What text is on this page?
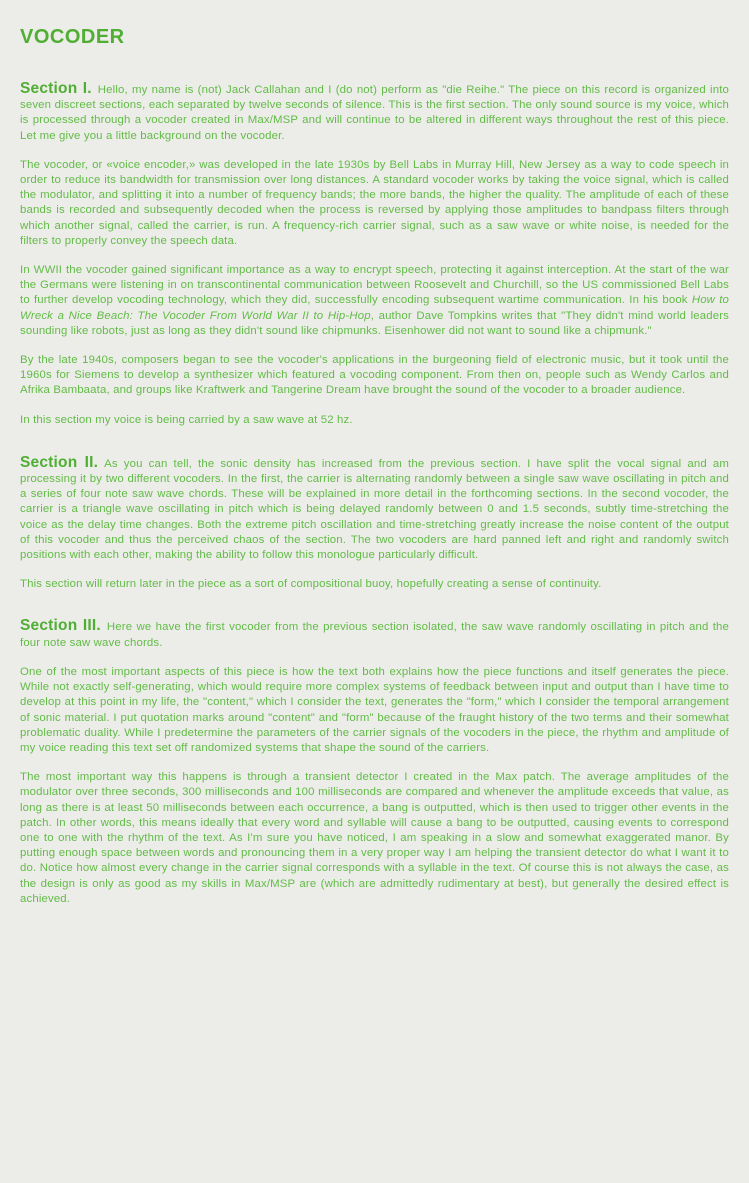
VOCODER

Section I. Hello, my name is (not) Jack Callahan and I (do not) perform as "die Reihe." The piece on this record is organized into seven discreet sections, each separated by twelve seconds of silence. This is the first section. The only sound source is my voice, which is processed through a vocoder created in Max/MSP and will continue to be altered in different ways throughout the rest of this piece. Let me give you a little background on the vocoder.

The vocoder, or «voice encoder,» was developed in the late 1930s by Bell Labs in Murray Hill, New Jersey as a way to code speech in order to reduce its bandwidth for transmission over long distances. A standard vocoder works by taking the voice signal, which is called the modulator, and splitting it into a number of frequency bands; the more bands, the higher the quality. The amplitude of each of these bands is recorded and subsequently decoded when the process is reversed by applying those amplitudes to bandpass filters through which another signal, called the carrier, is run. A frequency-rich carrier signal, such as a saw wave or white noise, is needed for the filters to properly convey the speech data.

In WWII the vocoder gained significant importance as a way to encrypt speech, protecting it against interception. At the start of the war the Germans were listening in on transcontinental communication between Roosevelt and Churchill, so the US commissioned Bell Labs to further develop vocoding technology, which they did, successfully encoding subsequent wartime communication. In his book How to Wreck a Nice Beach: The Vocoder From World War II to Hip-Hop, author Dave Tompkins writes that "They didn't mind world leaders sounding like robots, just as long as they didn't sound like chipmunks. Eisenhower did not want to sound like a chipmunk."

By the late 1940s, composers began to see the vocoder's applications in the burgeoning field of electronic music, but it took until the 1960s for Siemens to develop a synthesizer which featured a vocoding component. From then on, people such as Wendy Carlos and Afrika Bambaata, and groups like Kraftwerk and Tangerine Dream have brought the sound of the vocoder to a broader audience.

In this section my voice is being carried by a saw wave at 52 hz.

Section II. As you can tell, the sonic density has increased from the previous section. I have split the vocal signal and am processing it by two different vocoders. In the first, the carrier is alternating randomly between a single saw wave oscillating in pitch and a series of four note saw wave chords. These will be explained in more detail in the forthcoming sections. In the second vocoder, the carrier is a triangle wave oscillating in pitch which is being delayed randomly between 0 and 1.5 seconds, subtly time-stretching the voice as the delay time changes. Both the extreme pitch oscillation and time-stretching greatly increase the noise content of the output of this vocoder and thus the perceived chaos of the section. The two vocoders are hard panned left and right and randomly switch positions with each other, making the ability to follow this monologue particularly difficult.

This section will return later in the piece as a sort of compositional buoy, hopefully creating a sense of continuity.

Section III. Here we have the first vocoder from the previous section isolated, the saw wave randomly oscillating in pitch and the four note saw wave chords.

One of the most important aspects of this piece is how the text both explains how the piece functions and itself generates the piece. While not exactly self-generating, which would require more complex systems of feedback between input and output than I have time to develop at this point in my life, the "content," which I consider the text, generates the "form," which I consider the temporal arrangement of sonic material. I put quotation marks around "content" and "form" because of the fraught history of the two terms and their somewhat problematic duality. While I predetermine the parameters of the carrier signals of the vocoders in the piece, the rhythm and amplitude of my voice reading this text set off randomized systems that shape the sound of the carriers.

The most important way this happens is through a transient detector I created in the Max patch. The average amplitudes of the modulator over three seconds, 300 milliseconds and 100 milliseconds are compared and whenever the amplitude exceeds that value, as long as there is at least 50 milliseconds between each occurrence, a bang is outputted, which is then used to trigger other events in the patch. In other words, this means ideally that every word and syllable will cause a bang to be outputted, causing events to correspond one to one with the rhythm of the text. As I'm sure you have noticed, I am speaking in a slow and somewhat exaggerated manor. By putting enough space between words and pronouncing them in a very proper way I am helping the transient detector do what I want it to do. Notice how almost every change in the carrier signal corresponds with a syllable in the text. Of course this is not always the case, as the design is only as good as my skills in Max/MSP are (which are admittedly rudimentary at best), but generally the desired effect is achieved.
